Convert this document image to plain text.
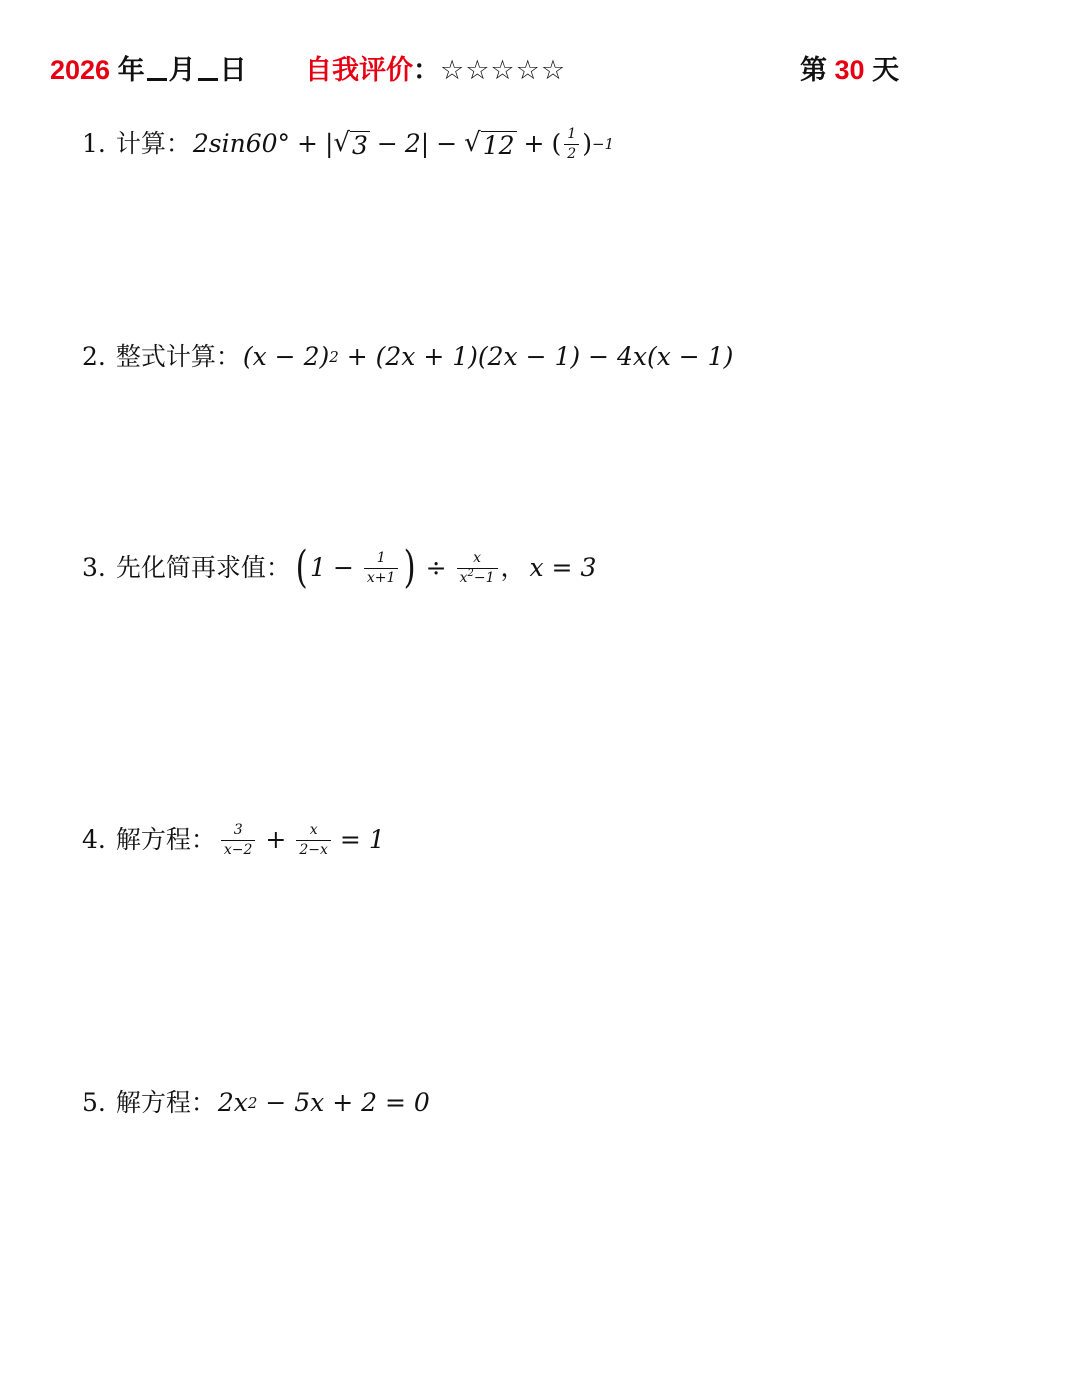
2026 年 月 日 自我评价：☆☆☆☆☆	第 30 天
1. 计算： 2sin60° + | √ 3 − 2 | − √ 12 + ( $\frac{1}{2}$ ) −1
2. 整式计算： (x − 2) 2 + (2x + 1)(2x − 1) − 4x(x − 1)
3. 先化简再求值： ( $1 - \frac{1}{x+1}$ ) ÷ $\frac{x}{x^2-1}$ ， x = 3
4. 解方程： $\frac{3}{x-2} + \frac{x}{2-x} = 1$
5. 解方程： 2x 2 − 5x + 2 = 0
